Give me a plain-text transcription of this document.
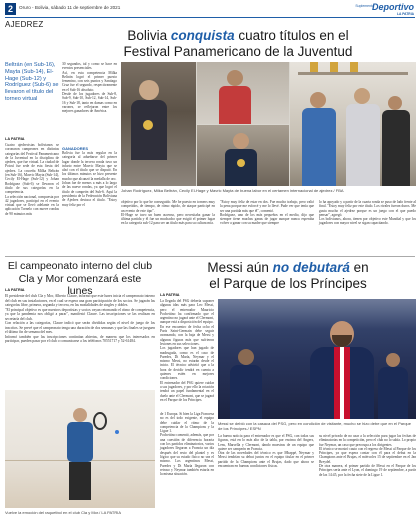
2	Oruro - Bolivia, sábado 11 de septiembre de 2021	Suplemento
Deportivo
LA PATRIA
AJEDREZ
Bolivia conquista cuatro títulos en el
Festival Panamericano de la Juventud
Beltrán (en Sub-16), Mayta (Sub-14), El-Hage (Sub-12) y Rodríguez (Sub-6) se llevaron el título del torneo virtual
LA PATRIA
Cuatro ajedrecistas bolivianos se coronaron campeones en distintas categorías del Festival Panamericano de la Juventud en la disciplina de ajedrez, que fue virtual. La ciudad de Potosí fue sede de esta fiesta del ajedrez. La cruceña Milka Beltrán (en Sub-16), Mavric Mayta (Sub-14), Cecily El-Hage (Sub-12) y Johan Rodríguez (Sub-6) se llevaron el título de sus categorías en la competencia.
La selección nacional, compuesta por 42 jugadores, participó en el evento virtual que se llevó adelante en la aplicación Tornelo con nueve rondas de 90 minutos más
30 segundos, tal y como se hace en eventos presenciales.
Así, en esta competencia Milka Beltrán logró el primer puesto femenino, con seis puntos y Santiago Cruz fue el segundo, respectivamente en el Sub-16 absoluto.
Desde de los jugadores de Sub-8, Sub-9, Sub-10, Sub-12, Sub-14, Sub-16 y Sub-18, tanto en damas como en varones, se reflejaron entre los mejores ganadores de América.
GANADORES
Bolivia fue la más regular en la categoría al adueñarse del primer lugar donde la tercera ronda tuvo un infarto entre Mavric Mayta que se alzó con el título que se disputó. En los últimos minutos se hizo presente mucho que alcanzó la medalla de oro.
Johan fue de menos a más a lo largo de las nueve rondas, ya que logró el título de campeón del Sub-6. Aquí la presidenta de la Federación Boliviana de Ajedrez destaca el título. "Estoy muy feliz por el
Johan Rodríguez, Milka Beltrán, Cecily El-Hage y Mavric Mayta de buena labor en el certamen internacional de ajedrez./ FBA
objetivo por lo que he conseguido. Me he puesto en torneos muy competidos, de tiempo, de ritmo rápido, de ataque participé en un evento de este tipo".
El-Hage se tuvo un buen ascenso, pero necesitaba ganar la última partida y él fue un muchacho que exigió el primer lugar en la categoría sub-12 para ser un título más para su cultura mía.
"Estoy muy feliz de estar en dos. Fue mucho trabajo, pero valió la pena porque me esforcé y me lo llevé. Pude ver que tenía que ser una partida más que él", comentó.
Rodríguez, uno de los más pequeños en el medio, dijo que siempre tiene muchas ganas de jugar aunque nunca esperaba volver a ganar con su madre que siempre
lo ha apoyado y a partir de la cuarta ronda se puso de lado frente al final. "Estoy muy feliz por este título. Los rivales fueron duros. Me gusta mucho el ajedrez porque es un juego con el que puedo pensar", agregó.
Los bolivianos, ahora, tienen por objetivo este Mundial y que los jugadores con mayor nivel se sigan capacitando.
El campeonato interno del club
Cla y Mor comenzará este lunes
LA PATRIA
El presidente del club Cla y Mor, Alberto Claure, informó que este lunes inicia el campeonato interno del club en sus instalaciones, en el cual se espera una gran participación de los socios. Se jugarán las categorías libre, primera, segunda y tercera, en las modalidades de singles y dobles.
"El principal objetivo es que nuestros deportistas y socios vayan retomando el ritmo de competencia, ya que la pandemia nos obligó a parar", manifestó Claure. Las inscripciones se las realizan en secretaría del club.
Con relación a las categorías, Claure indicó que serán divididas según el nivel de juego de los inscritos. Se prevé que el campeonato tenga una duración de dos semanas y que las finales se jueguen el último fin de semana del mes.
Informó también que las inscripciones continúan abiertas, de manera que los interesados en participar, pueden pasar por el club o comunicarse a los teléfonos 70551717 y 52-61484.
Vuelve la emoción del raquetbol en el club Cla y Mor./ LA PATRIA
Messi aún no debutará en
el Parque de los Príncipes
LA PATRIA
La llegada del PSG debería suponer algunas idas más para Leo Messi, pero el entrenador Mauricio Pochettino ha confirmado que el argentino no jugará ante el Clermont, aunque está a disposición del equipo.
En ese encuentro de fecha ocho el Paris Saint-Germain debe seguir avanzando, con la baja de Messi y algunas figuras más que sufrieron lesiones en sus selecciones.
Los jugadores que han jugado de madrugada, como es el caso de Paredes, Di María, Neymar y el mismo Messi, no estarán desde el inicio. El técnico advirtió que a la hora de decidir tendrá en cuenta a quienes estén en mejores condiciones.
El entrenador del PSG quiere cuidar a sus jugadores, y por ello la rotación tendrá un papel fundamental en el duelo ante el Clermont, que se jugará en el Parque de los Príncipes.
de 1 Europa. Si bien la Liga Francesa no es del todo exigente, el equipo debe cuidar el ritmo de la competencia de la Champions y la Ligue 1.
Pochettino comentó, además, que por una cuestión de diferencia horaria con los partidos eliminatorios, varios jugadores llegaron a Francia un día después del resto del plantel y es lógico que su estado físico no sea el mismo. Los argentinos Messi, Paredes y Di María llegaron con retraso y Neymar también estaría en la misma situación.
Messi se debió con la casaca del PSG, pero en condición de visitante, mucho se hizo debe que en el Parque de los Príncipes./ ESPN
La buena noticia para el entrenador es que el PSG, con todas sus figuras, está en lo más alto de la tabla, por encima del Angers, Lens, Marsella y Clermont, dando muestras de un equipo que quiere ser campeón en Francia.
Otra de las novedades del técnico es que Mbappé, Neymar y Messi tendrían su debut juntos en el equipo titular en el primer partido de la Champions ante el Brujas, dado que ahora se encuentran en buenas condiciones físicas.
su nivel privado de no usar a la selección para jugar las fechas de eliminatorias en la competición, pero el club no lo sabía. Lo propio fue Neymar, un caso que preocupa a los dirigentes.
El técnico se mostró cauto con el regreso de Messi al Parque de los Príncipes, ya que espera contar con él para el debut en la Champions ante el Brujas, el miércoles 15 de septiembre en el Jan Breydel.
De otra manera, el primer partido de Messi en el Parque de los Príncipes sería ante el Lyon, el domingo 19 de septiembre, a partir de las 14:45, por la fecha siete de la Ligue 1.
